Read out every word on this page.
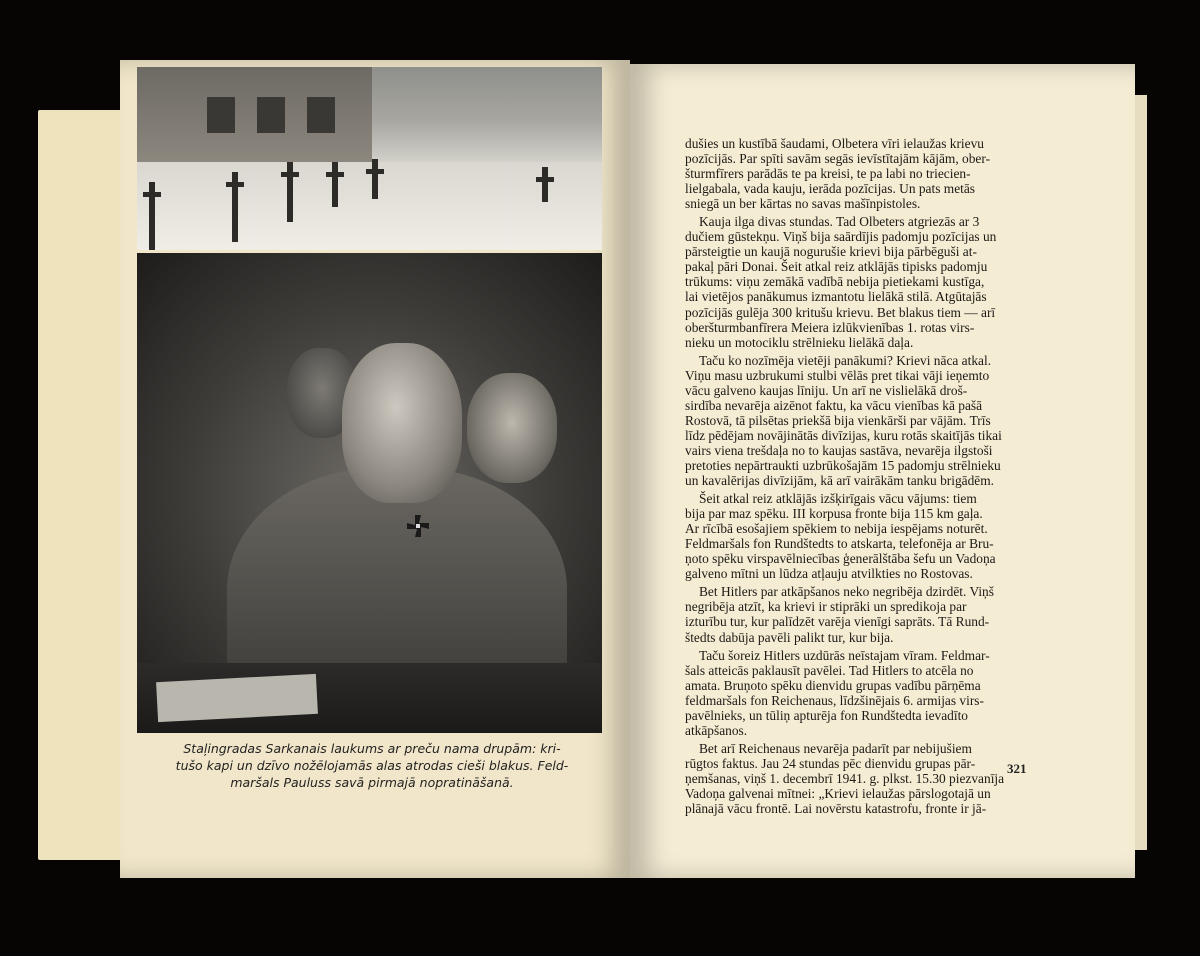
Staļingradas Sarkanais laukums ar preču nama drupām: kri-
tušo kapi un dzīvo nožēlojamās alas atrodas cieši blakus. Feld-
maršals Pauluss savā pirmajā nopratināšanā.

dušies un kustībā šaudami, Olbetera vīri ielaužas krievu
pozīcijās. Par spīti savām segās ievīstītajām kājām, ober-
šturmfīrers parādās te pa kreisi, te pa labi no triecien-
lielgabala, vada kauju, ierāda pozīcijas. Un pats metās
sniegā un ber kārtas no savas mašīnpistoles.

Kauja ilga divas stundas. Tad Olbeters atgriezās ar 3
dučiem gūstekņu. Viņš bija saārdījis padomju pozīcijas un
pārsteigtie un kaujā nogurušie krievi bija pārbēguši at-
pakaļ pāri Donai. Šeit atkal reiz atklājās tipisks padomju
trūkums: viņu zemākā vadībā nebija pietiekami kustīga,
lai vietējos panākumus izmantotu lielākā stilā. Atgūtajās
pozīcijās gulēja 300 kritušu krievu. Bet blakus tiem — arī
oberšturmbanfīrera Meiera izlūkvienības 1. rotas virs-
nieku un motociklu strēlnieku lielākā daļa.

Taču ko nozīmēja vietēji panākumi? Krievi nāca atkal.
Viņu masu uzbrukumi stulbi vēlās pret tikai vāji ieņemto
vācu galveno kaujas līniju. Un arī ne vislielākā droš-
sirdība nevarēja aizēnot faktu, ka vācu vienības kā pašā
Rostovā, tā pilsētas priekšā bija vienkārši par vājām. Trīs
līdz pēdējam novājinātās divīzijas, kuru rotās skaitījās tikai
vairs viena trešdaļa no to kaujas sastāva, nevarēja ilgstoši
pretoties nepārtraukti uzbrūkošajām 15 padomju strēlnieku
un kavalērijas divīzijām, kā arī vairākām tanku brigādēm.

Šeit atkal reiz atklājās izšķirīgais vācu vājums: tiem
bija par maz spēku. III korpusa fronte bija 115 km gaļa.
Ar rīcībā esošajiem spēkiem to nebija iespējams noturēt.
Feldmaršals fon Rundštedts to atskarta, telefonēja ar Bru-
ņoto spēku virspavēlniecības ģenerālštāba šefu un Vadoņa
galveno mītni un lūdza atļauju atvilkties no Rostovas.

Bet Hitlers par atkāpšanos neko negribēja dzirdēt. Viņš
negribēja atzīt, ka krievi ir stiprāki un spredikoja par
izturību tur, kur palīdzēt varēja vienīgi saprāts. Tā Rund-
štedts dabūja pavēli palikt tur, kur bija.

Taču šoreiz Hitlers uzdūrās neīstajam vīram. Feldmar-
šals atteicās paklausīt pavēlei. Tad Hitlers to atcēla no
amata. Bruņoto spēku dienvidu grupas vadību pārņēma
feldmaršals fon Reichenaus, līdzšinējais 6. armijas virs-
pavēlnieks, un tūliņ apturēja fon Rundštedta ievadīto
atkāpšanos.

Bet arī Reichenaus nevarēja padarīt par nebijušiem
rūgtos faktus. Jau 24 stundas pēc dienvidu grupas pār-
ņemšanas, viņš 1. decembrī 1941. g. plkst. 15.30 piezvanīja
Vadoņa galvenai mītnei: „Krievi ielaužas pārslogotajā un
plānajā vācu frontē. Lai novērstu katastrofu, fronte ir jā-

321
